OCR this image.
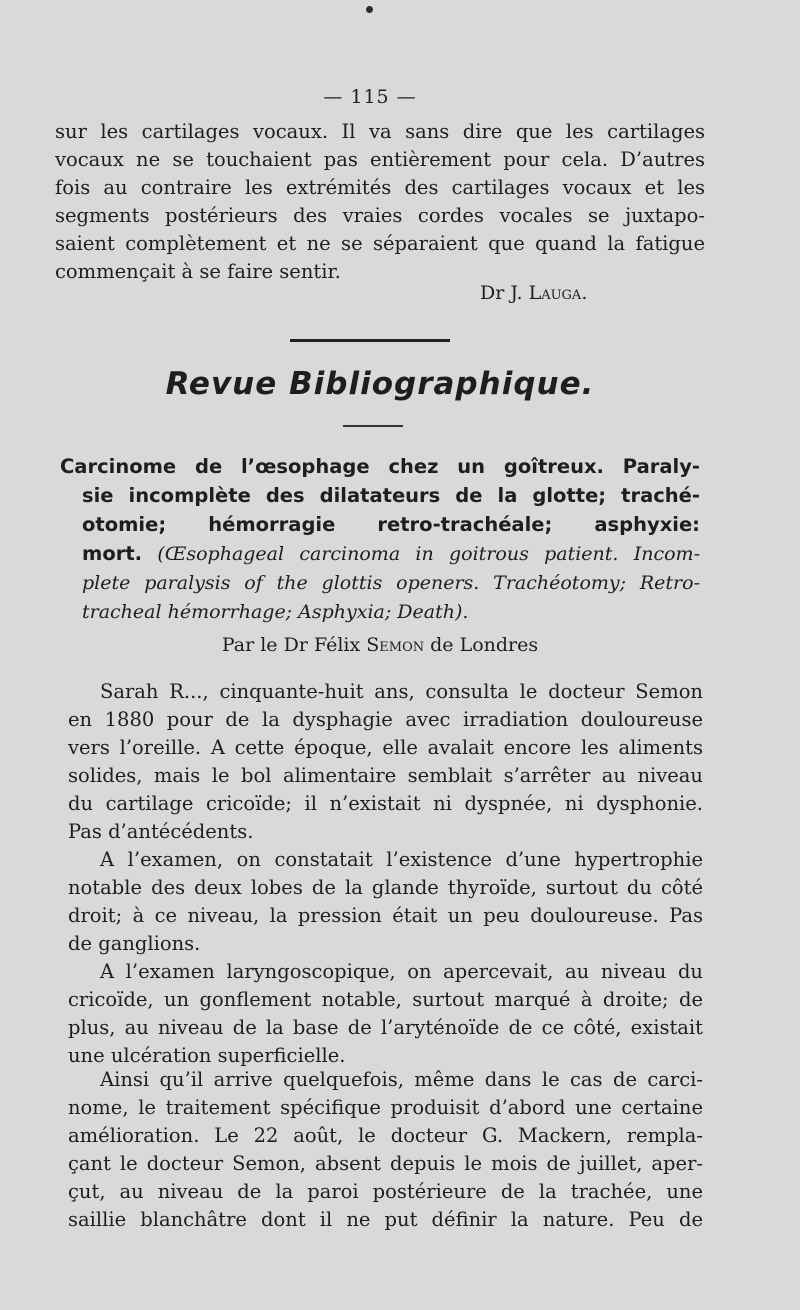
— 115 —
sur les cartilages vocaux. Il va sans dire que les cartilages
vocaux ne se touchaient pas entièrement pour cela. D’autres
fois au contraire les extrémités des cartilages vocaux et les
segments postérieurs des vraies cordes vocales se juxtapo-
saient complètement et ne se séparaient que quand la fatigue
commençait à se faire sentir.
Dr J. Lauga.
Revue Bibliographique.
Carcinome de l’œsophage chez un goîtreux. Paraly-
sie incomplète des dilatateurs de la glotte; traché-
otomie; hémorragie retro-trachéale; asphyxie:
mort. (Œsophageal carcinoma in goitrous patient. Incom-
plete paralysis of the glottis openers. Trachéotomy; Retro-
tracheal hémorrhage; Asphyxia; Death).
Par le Dr Félix Semon de Londres
Sarah R..., cinquante-huit ans, consulta le docteur Semon
en 1880 pour de la dysphagie avec irradiation douloureuse
vers l’oreille. A cette époque, elle avalait encore les aliments
solides, mais le bol alimentaire semblait s’arrêter au niveau
du cartilage cricoïde; il n’existait ni dyspnée, ni dysphonie.
Pas d’antécédents.
A l’examen, on constatait l’existence d’une hypertrophie
notable des deux lobes de la glande thyroïde, surtout du côté
droit; à ce niveau, la pression était un peu douloureuse. Pas
de ganglions.
A l’examen laryngoscopique, on apercevait, au niveau du
cricoïde, un gonflement notable, surtout marqué à droite; de
plus, au niveau de la base de l’aryténoïde de ce côté, existait
une ulcération superficielle.
Ainsi qu’il arrive quelquefois, même dans le cas de carci-
nome, le traitement spécifique produisit d’abord une certaine
amélioration. Le 22 août, le docteur G. Mackern, rempla-
çant le docteur Semon, absent depuis le mois de juillet, aper-
çut, au niveau de la paroi postérieure de la trachée, une
saillie blanchâtre dont il ne put définir la nature. Peu de
